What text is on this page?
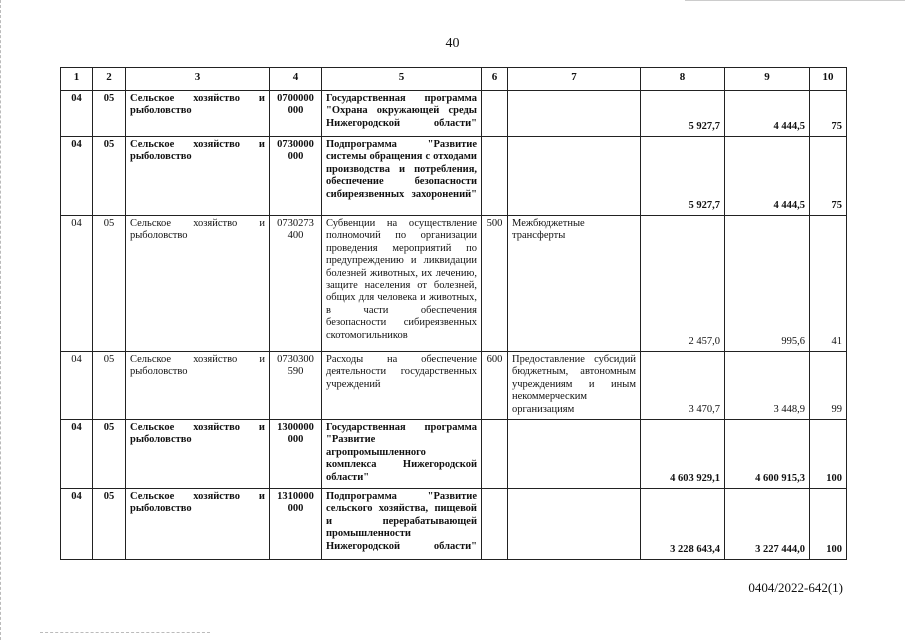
40
1	2	3	4	5	6	7	8	9	10
04	05	Сельское хозяйство и рыболовство	0700000 000	Государственная программа "Охрана окружающей среды Нижегородской области"			5 927,7	4 444,5	75
04	05	Сельское хозяйство и рыболовство	0730000 000	Подпрограмма "Развитие системы обращения с отходами производства и потребления, обеспечение безопасности сибиреязвенных захоронений"			5 927,7	4 444,5	75
04	05	Сельское хозяйство и рыболовство	0730273 400	Субвенции на осуществление полномочий по организации проведения мероприятий по предупреждению и ликвидации болезней животных, их лечению, защите населения от болезней, общих для человека и животных, в части обеспечения безопасности сибиреязвенных скотомогильников	500	Межбюджетные трансферты	2 457,0	995,6	41
04	05	Сельское хозяйство и рыболовство	0730300 590	Расходы на обеспечение деятельности государственных учреждений	600	Предоставление субсидий бюджетным, автономным учреждениям и иным некоммерческим организациям	3 470,7	3 448,9	99
04	05	Сельское хозяйство и рыболовство	1300000 000	Государственная программа "Развитие агропромышленного комплекса Нижегородской области"			4 603 929,1	4 600 915,3	100
04	05	Сельское хозяйство и рыболовство	1310000 000	Подпрограмма "Развитие сельского хозяйства, пищевой и перерабатывающей промышленности Нижегородской области"			3 228 643,4	3 227 444,0	100
0404/2022-642(1)
